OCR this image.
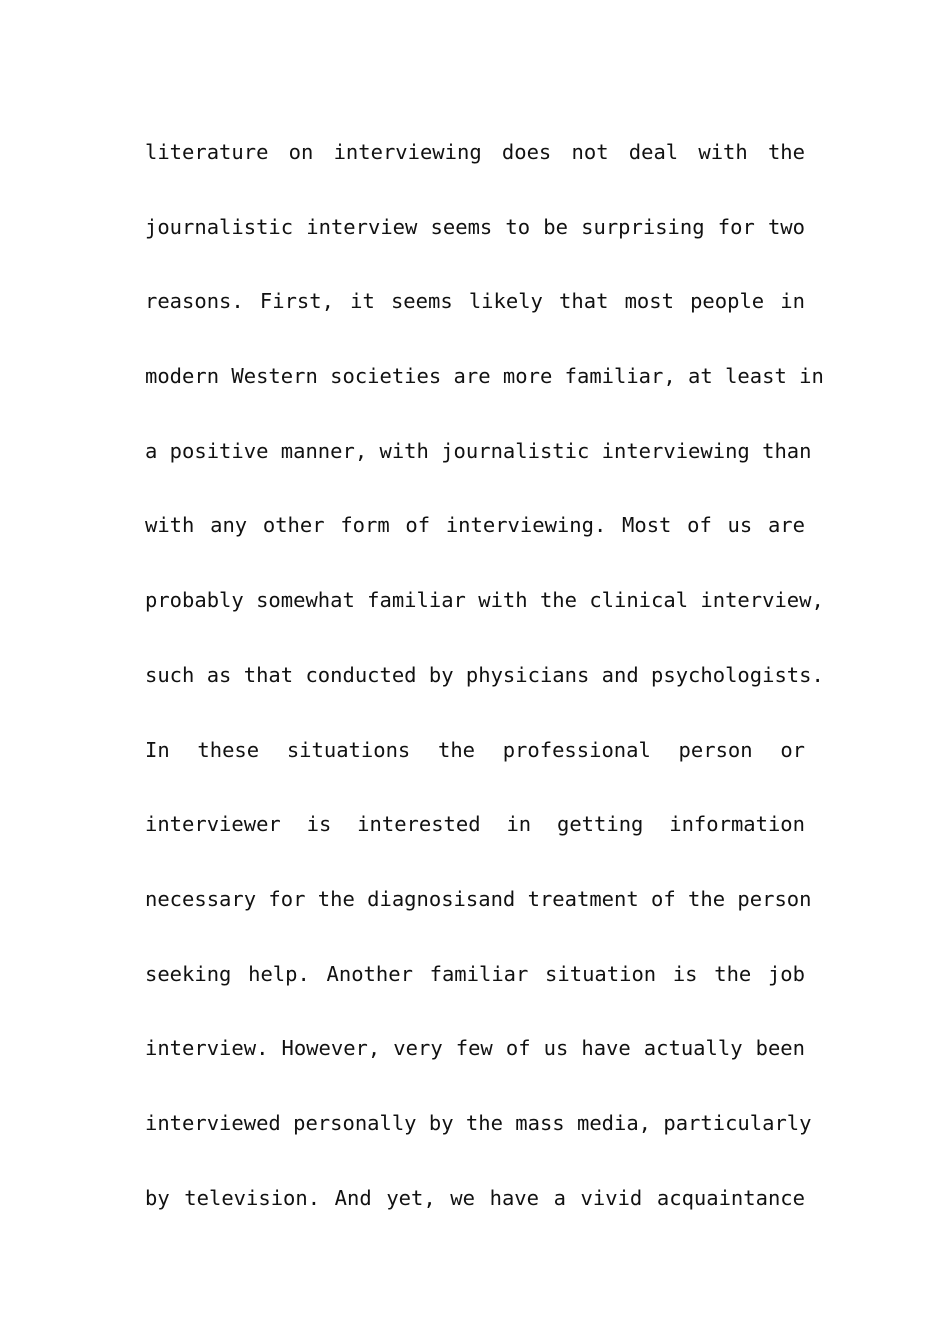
literature on interviewing does not deal with the
journalistic interview seems to be surprising for two
reasons. First, it seems likely that most people in
modern Western societies are more familiar, at least in
a positive manner, with journalistic interviewing than
with any other form of interviewing. Most of us are
probably somewhat familiar with the clinical interview,
such as that conducted by physicians and psychologists.
In these situations the professional person or
interviewer is interested in getting information
necessary for the diagnosisand treatment of the person
seeking help. Another familiar situation is the job
interview. However, very few of us have actually been
interviewed personally by the mass media, particularly
by television. And yet, we have a vivid acquaintance
